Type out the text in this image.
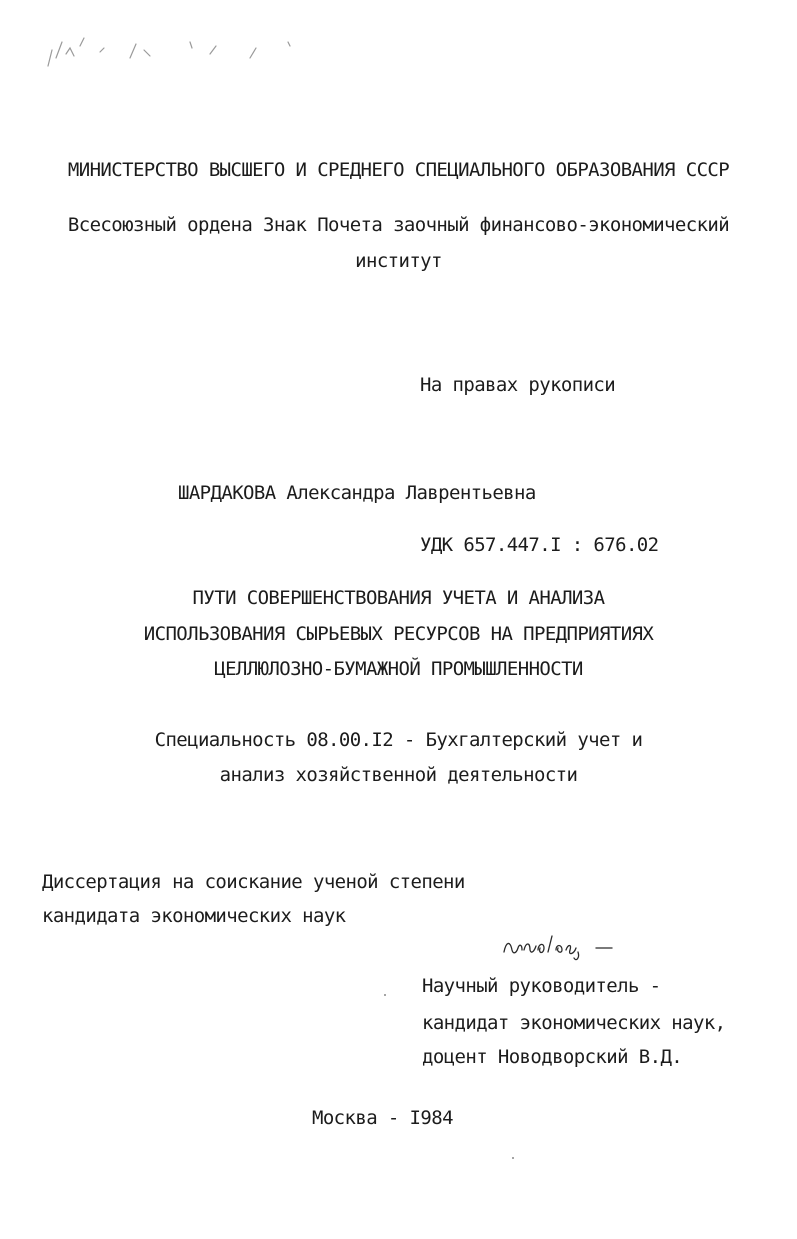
МИНИСТЕРСТВО ВЫСШЕГО И СРЕДНЕГО СПЕЦИАЛЬНОГО ОБРАЗОВАНИЯ СССР
Всесоюзный ордена Знак Почета заочный финансово-экономический
институт
На правах рукописи
ШАРДАКОВА Александра Лаврентьевна
УДК 657.447.I : 676.02
ПУТИ СОВЕРШЕНСТВОВАНИЯ УЧЕТА И АНАЛИЗА
ИСПОЛЬЗОВАНИЯ СЫРЬЕВЫХ РЕСУРСОВ НА ПРЕДПРИЯТИЯХ
ЦЕЛЛЮЛОЗНО-БУМАЖНОЙ ПРОМЫШЛЕННОСТИ
Специальность 08.00.I2 - Бухгалтерский учет и
анализ хозяйственной деятельности
Диссертация на соискание ученой степени
кандидата экономических наук
Научный руководитель -
кандидат экономических наук,
доцент Новодворский В.Д.
Москва - I984
